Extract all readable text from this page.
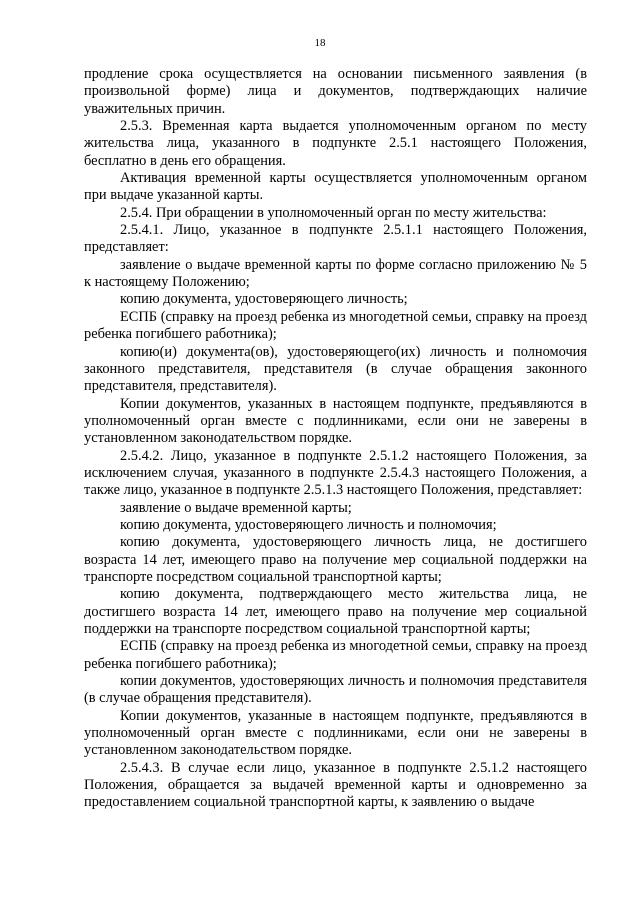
18

продление срока осуществляется на основании письменного заявления (в произвольной форме) лица и документов, подтверждающих наличие уважительных причин.

2.5.3. Временная карта выдается уполномоченным органом по месту жительства лица, указанного в подпункте 2.5.1 настоящего Положения, бесплатно в день его обращения.

Активация временной карты осуществляется уполномоченным органом при выдаче указанной карты.

2.5.4. При обращении в уполномоченный орган по месту жительства:

2.5.4.1. Лицо, указанное в подпункте 2.5.1.1 настоящего Положения, представляет:

заявление о выдаче временной карты по форме согласно приложению № 5 к настоящему Положению;

копию документа, удостоверяющего личность;

ЕСПБ (справку на проезд ребенка из многодетной семьи, справку на проезд ребенка погибшего работника);

копию(и) документа(ов), удостоверяющего(их) личность и полномочия законного представителя, представителя (в случае обращения законного представителя, представителя).

Копии документов, указанных в настоящем подпункте, предъявляются в уполномоченный орган вместе с подлинниками, если они не заверены в установленном законодательством порядке.

2.5.4.2. Лицо, указанное в подпункте 2.5.1.2 настоящего Положения, за исключением случая, указанного в подпункте 2.5.4.3 настоящего Положения, а также лицо, указанное в подпункте 2.5.1.3 настоящего Положения, представляет:

заявление о выдаче временной карты;

копию документа, удостоверяющего личность и полномочия;

копию документа, удостоверяющего личность лица, не достигшего возраста 14 лет, имеющего право на получение мер социальной поддержки на транспорте посредством социальной транспортной карты;

копию документа, подтверждающего место жительства лица, не достигшего возраста 14 лет, имеющего право на получение мер социальной поддержки на транспорте посредством социальной транспортной карты;

ЕСПБ (справку на проезд ребенка из многодетной семьи, справку на проезд ребенка погибшего работника);

копии документов, удостоверяющих личность и полномочия представителя (в случае обращения представителя).

Копии документов, указанные в настоящем подпункте, предъявляются в уполномоченный орган вместе с подлинниками, если они не заверены в установленном законодательством порядке.

2.5.4.3. В случае если лицо, указанное в подпункте 2.5.1.2 настоящего Положения, обращается за выдачей временной карты и одновременно за предоставлением социальной транспортной карты, к заявлению о выдаче
